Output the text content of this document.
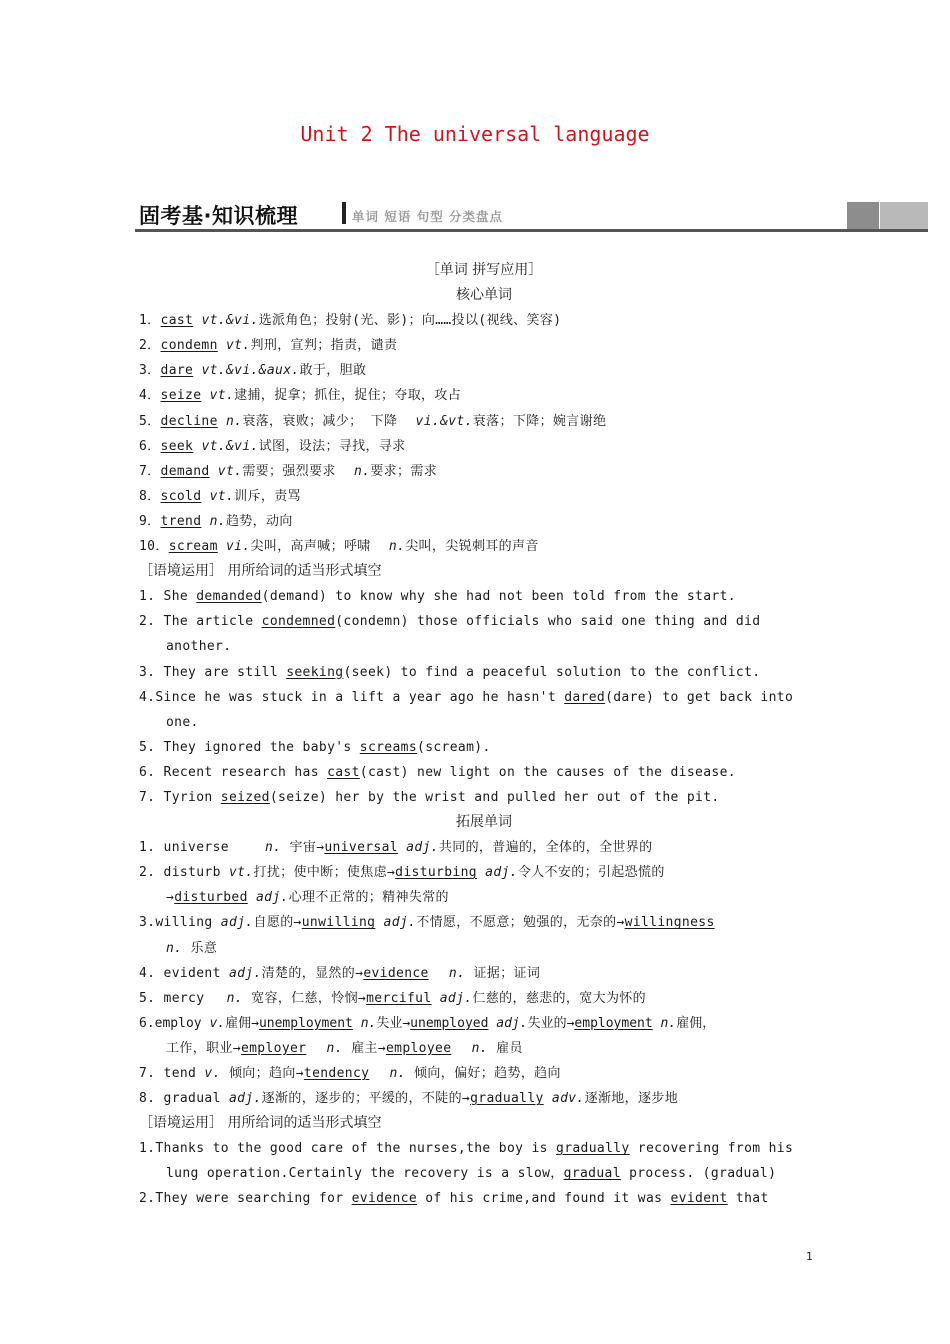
Unit 2 The universal language
固考基·知识梳理	单词 短语 句型 分类盘点
［单词 拼写应用］
核心单词
1．cast vt.&vi.选派角色；投射(光、影)；向……投以(视线、笑容)
2．condemn vt.判刑，宣判；指责，谴责
3．dare vt.&vi.&aux.敢于，胆敢
4．seize vt.逮捕，捉拿；抓住，捉住；夺取，攻占
5．decline n.衰落，衰败；减少； 下降 vi.&vt.衰落；下降；婉言谢绝
6．seek vt.&vi.试图，设法；寻找，寻求
7．demand vt.需要；强烈要求 n.要求；需求
8．scold vt.训斥，责骂
9．trend n.趋势，动向
10．scream vi.尖叫，高声喊；呼啸 n.尖叫，尖锐刺耳的声音
［语境运用］ 用所给词的适当形式填空
1. She demanded(demand) to know why she had not been told from the start.
2. The article condemned(condemn) those officials who said one thing and did
another.
3. They are still seeking(seek) to find a peaceful solution to the conflict.
4.Since he was stuck in a lift a year ago he hasn't dared(dare) to get back into
one.
5. They ignored the baby's screams(scream).
6. Recent research has cast(cast) new light on the causes of the disease.
7. Tyrion seized(seize) her by the wrist and pulled her out of the pit.
拓展单词
1. universe	n. 宇宙→universal adj.共同的，普遍的，全体的，全世界的
2. disturb vt.打扰；使中断；使焦虑→disturbing adj.令人不安的；引起恐慌的
→disturbed adj.心理不正常的；精神失常的
3.willing adj.自愿的→unwilling adj.不情愿，不愿意；勉强的，无奈的→willingness
n. 乐意
4. evident adj.清楚的，显然的→evidence n. 证据；证词
5. mercy n. 宽容，仁慈，怜悯→merciful adj.仁慈的，慈悲的，宽大为怀的
6.employ v.雇佣→unemployment n.失业→unemployed adj.失业的→employment n.雇佣，
工作，职业→employer n. 雇主→employee n. 雇员
7. tend v. 倾向；趋向→tendency n. 倾向，偏好；趋势，趋向
8. gradual adj.逐渐的，逐步的；平缓的，不陡的→gradually adv.逐渐地，逐步地
［语境运用］ 用所给词的适当形式填空
1.Thanks to the good care of the nurses,the boy is gradually recovering from his
lung operation.Certainly the recovery is a slow，gradual process. (gradual)
2.They were searching for evidence of his crime,and found it was evident that
1
